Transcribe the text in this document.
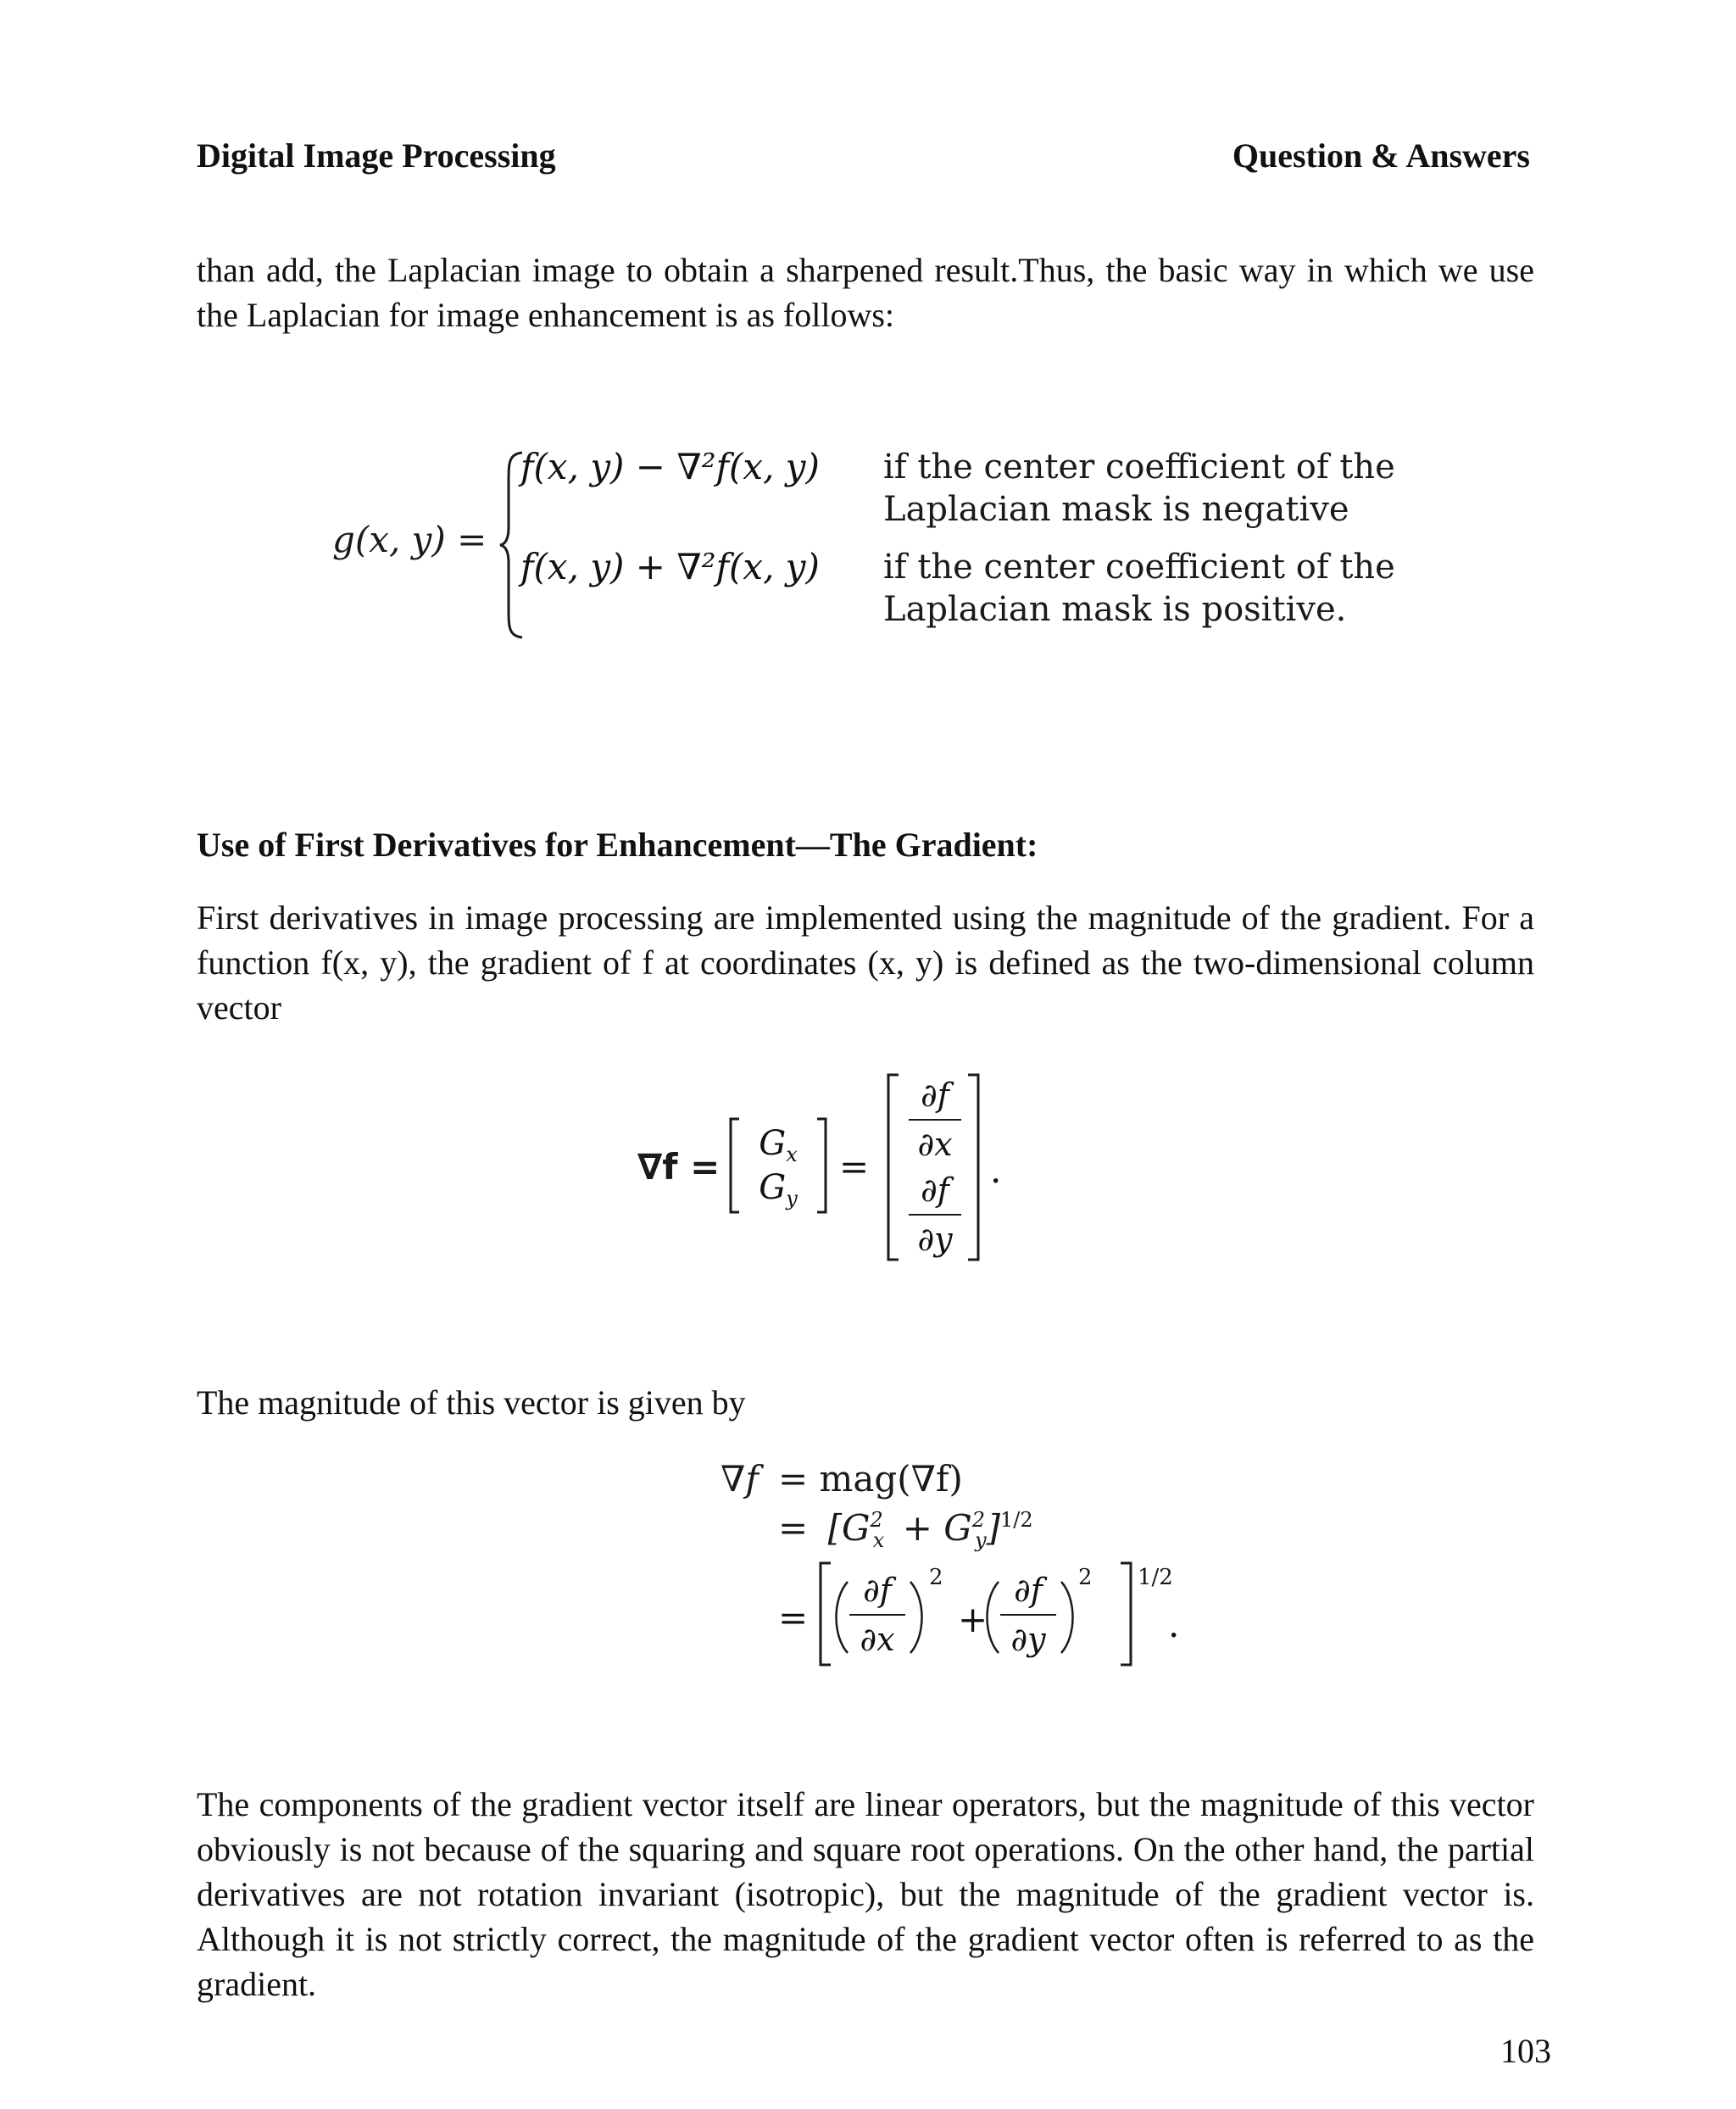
Digital Image Processing	Question & Answers
than add, the Laplacian image to obtain a sharpened result.Thus, the basic way in which we use the Laplacian for image enhancement is as follows:
g(x, y) =
f(x, y) − ∇²f(x, y) if the center coefficient of the
Laplacian mask is negative
f(x, y) + ∇²f(x, y) if the center coefficient of the
Laplacian mask is positive.
Use of First Derivatives for Enhancement—The Gradient:
First derivatives in image processing are implemented using the magnitude of the gradient. For a function f(x, y), the gradient of f at coordinates (x, y) is defined as the two-dimensional column vector
∇f =
$G_x$
$G_y$
=
∂f
∂x
∂f
∂y
.
The magnitude of this vector is given by
∇f = mag(∇f)
= $[G^2_x + G^2_y]^{1/2}$
=
∂f
∂x
2
+
∂f
∂y
2 1/2
.
The components of the gradient vector itself are linear operators, but the magnitude of this vector obviously is not because of the squaring and square root operations. On the other hand, the partial derivatives are not rotation invariant (isotropic), but the magnitude of the gradient vector is. Although it is not strictly correct, the magnitude of the gradient vector often is referred to as the gradient.
103
